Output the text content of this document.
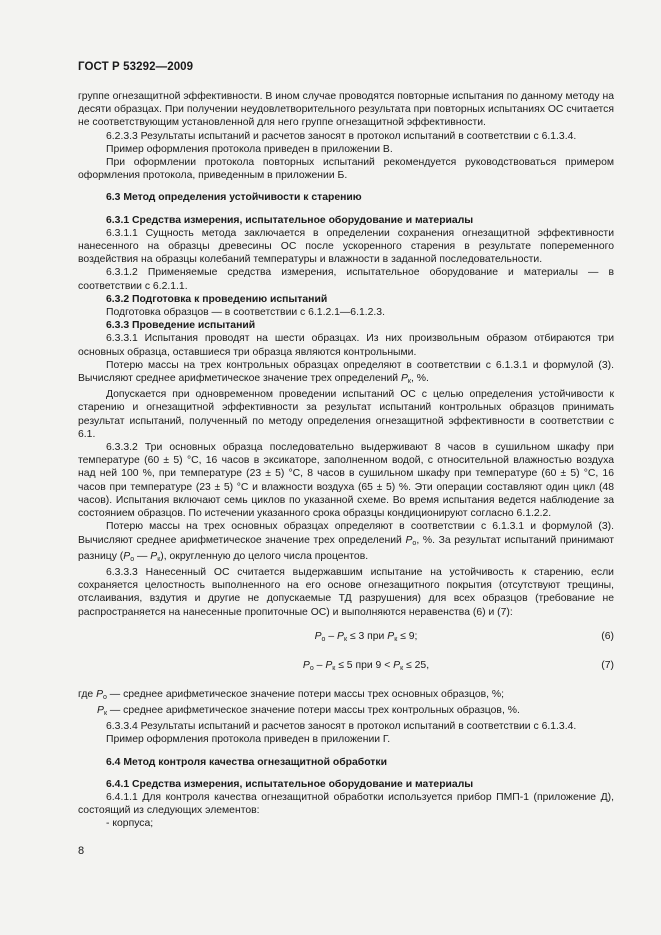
ГОСТ Р 53292—2009

группе огнезащитной эффективности. В ином случае проводятся повторные испытания по данному методу на десяти образцах. При получении неудовлетворительного результата при повторных испытаниях ОС считается не соответствующим установленной для него группе огнезащитной эффективности.

6.2.3.3 Результаты испытаний и расчетов заносят в протокол испытаний в соответствии с 6.1.3.4.

Пример оформления протокола приведен в приложении В.

При оформлении протокола повторных испытаний рекомендуется руководствоваться примером оформления протокола, приведенным в приложении Б.

6.3 Метод определения устойчивости к старению

6.3.1 Средства измерения, испытательное оборудование и материалы

6.3.1.1 Сущность метода заключается в определении сохранения огнезащитной эффективности нанесенного на образцы древесины ОС после ускоренного старения в результате попеременного воздействия на образцы колебаний температуры и влажности в заданной последовательности.

6.3.1.2 Применяемые средства измерения, испытательное оборудование и материалы — в соответствии с 6.2.1.1.

6.3.2 Подготовка к проведению испытаний

Подготовка образцов — в соответствии с 6.1.2.1—6.1.2.3.

6.3.3 Проведение испытаний

6.3.3.1 Испытания проводят на шести образцах. Из них произвольным образом отбираются три основных образца, оставшиеся три образца являются контрольными.

Потерю массы на трех контрольных образцах определяют в соответствии с 6.1.3.1 и формулой (3). Вычисляют среднее арифметическое значение трех определений $P_к$, %.

Допускается при одновременном проведении испытаний ОС с целью определения устойчивости к старению и огнезащитной эффективности за результат испытаний контрольных образцов принимать результат испытаний, полученный по методу определения огнезащитной эффективности в соответствии с 6.1.

6.3.3.2 Три основных образца последовательно выдерживают 8 часов в сушильном шкафу при температуре (60 ± 5) °С, 16 часов в эксикаторе, заполненном водой, с относительной влажностью воздуха над ней 100 %, при температуре (23 ± 5) °С, 8 часов в сушильном шкафу при температуре (60 ± 5) °С, 16 часов при температуре (23 ± 5) °С и влажности воздуха (65 ± 5) %. Эти операции составляют один цикл (48 часов). Испытания включают семь циклов по указанной схеме. Во время испытания ведется наблюдение за состоянием образцов. По истечении указанного срока образцы кондиционируют согласно 6.1.2.2.

Потерю массы на трех основных образцах определяют в соответствии с 6.1.3.1 и формулой (3). Вычисляют среднее арифметическое значение трех определений $P_о$, %. За результат испытаний принимают разницу ($P_о$ — $P_к$), округленную до целого числа процентов.

6.3.3.3 Нанесенный ОС считается выдержавшим испытание на устойчивость к старению, если сохраняется целостность выполненного на его основе огнезащитного покрытия (отсутствуют трещины, отслаивания, вздутия и другие не допускаемые ТД разрушения) для всех образцов (требование не распространяется на нанесенные пропиточные ОС) и выполняются неравенства (6) и (7):

$P_о - P_к \le 3$ при $P_к \le 9$;	(6)
$P_о - P_к \le 5$ при $9 < P_к \le 25$,	(7)

где $P_о$ — среднее арифметическое значение потери массы трех основных образцов, %;

$P_к$ — среднее арифметическое значение потери массы трех контрольных образцов, %.

6.3.3.4 Результаты испытаний и расчетов заносят в протокол испытаний в соответствии с 6.1.3.4.

Пример оформления протокола приведен в приложении Г.

6.4 Метод контроля качества огнезащитной обработки

6.4.1 Средства измерения, испытательное оборудование и материалы

6.4.1.1 Для контроля качества огнезащитной обработки используется прибор ПМП-1 (приложение Д), состоящий из следующих элементов:

- корпуса;

8
